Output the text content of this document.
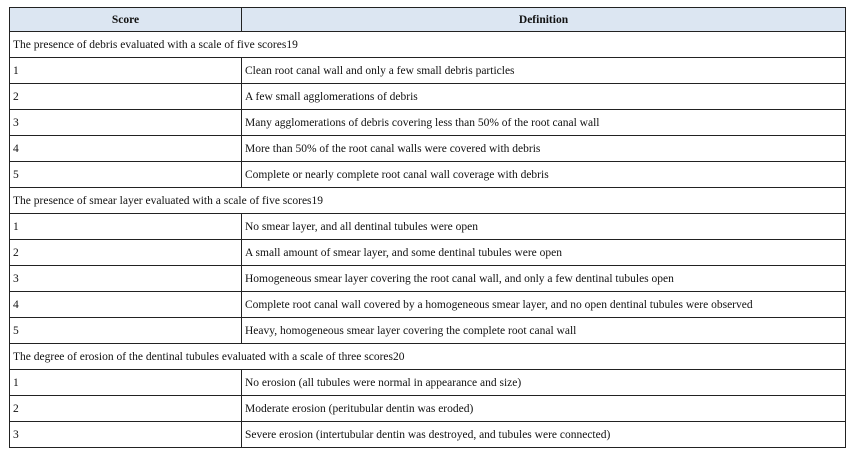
Score	Definition
The presence of debris evaluated with a scale of five scores19	
1	Clean root canal wall and only a few small debris particles
2	A few small agglomerations of debris
3	Many agglomerations of debris covering less than 50% of the root canal wall
4	More than 50% of the root canal walls were covered with debris
5	Complete or nearly complete root canal wall coverage with debris
The presence of smear layer evaluated with a scale of five scores19	
1	No smear layer, and all dentinal tubules were open
2	A small amount of smear layer, and some dentinal tubules were open
3	Homogeneous smear layer covering the root canal wall, and only a few dentinal tubules open
4	Complete root canal wall covered by a homogeneous smear layer, and no open dentinal tubules were observed
5	Heavy, homogeneous smear layer covering the complete root canal wall
The degree of erosion of the dentinal tubules evaluated with a scale of three scores20	
1	No erosion (all tubules were normal in appearance and size)
2	Moderate erosion (peritubular dentin was eroded)
3	Severe erosion (intertubular dentin was destroyed, and tubules were connected)
